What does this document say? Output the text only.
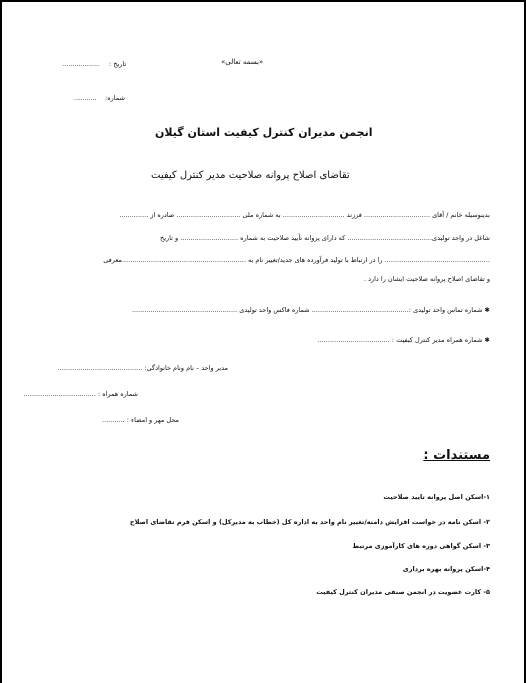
«بسمه تعالی»
تاریخ :
..................
شماره:
...........
انجمن مدیران کنترل کیفیت استان گیلان
تقاضای اصلاح پروانه صلاحیت مدیر کنترل کیفیت
بدینوسیله خانم / آقای ................................ فرزند .............................. به شماره ملی ............................... صادره از ..............
شاغل در واحد تولیدی......................................... که دارای پروانه تأیید صلاحیت به شماره ............................ و تاریخ
................................................... را در ارتباط با تولید فرآورده های جدید/تغییر نام به ............................................................معرفی
و تقاضای اصلاح پروانه صلاحیت ایشان را دارد .
✱ شماره تماس واحد تولیدی :............................................... شماره فاکس واحد تولیدی ...................................................
✱ شماره همراه مدیر کنترل کیفیت : ...................................
مدیر واحد – نام ونام خانوادگی: .........................................
شماره همراه : ...................................
محل مهر و امضاء : ...........
مستندات :
۱-اسکن اصل پروانه تایید صلاحیت
۲- اسکن نامه در خواست افزایش دامنه/تغییر نام واحد به اداره کل (خطاب به مدیرکل) و اسکن فرم تقاضای اصلاح
۳- اسکن گواهی دوره های کارآموزی مرتبط
۴-اسکن پروانه بهره برداری
۵- کارت عضویت در انجمن صنفی مدیران کنترل کیفیت
